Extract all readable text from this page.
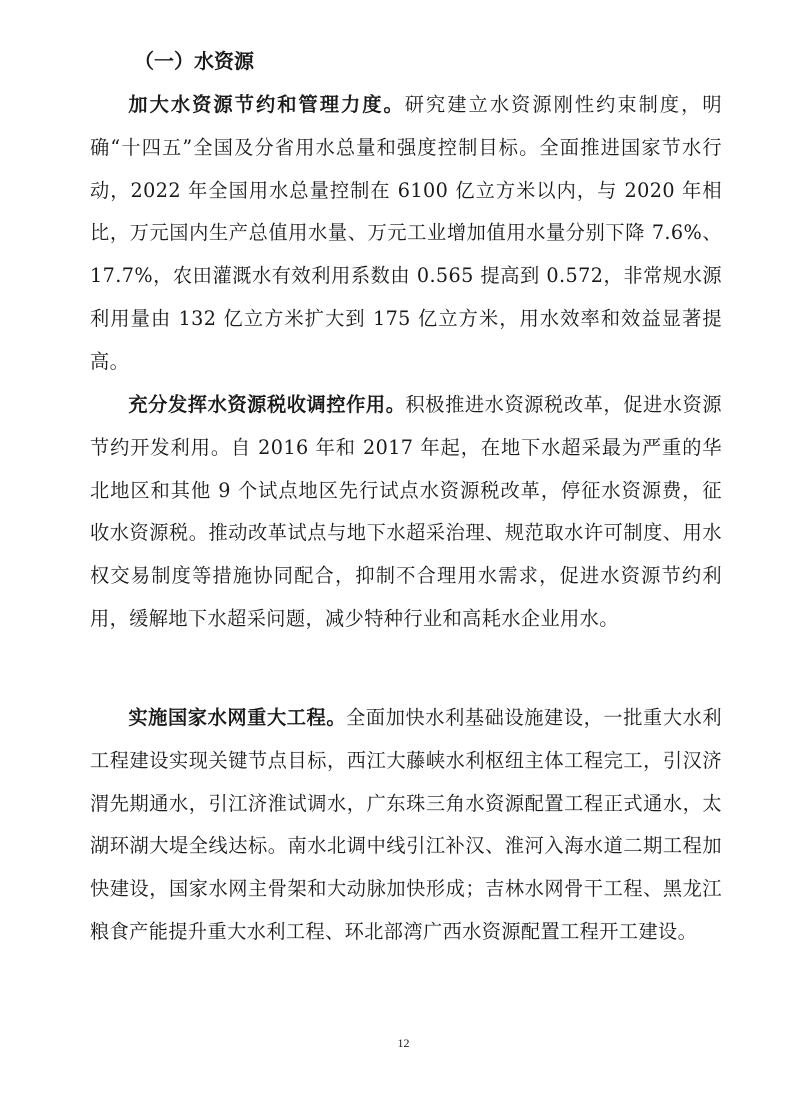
（一）水资源

加大水资源节约和管理力度。研究建立水资源刚性约束制度，明确“十四五”全国及分省用水总量和强度控制目标。全面推进国家节水行动，2022 年全国用水总量控制在 6100 亿立方米以内，与 2020 年相比，万元国内生产总值用水量、万元工业增加值用水量分别下降 7.6%、17.7%，农田灌溉水有效利用系数由 0.565 提高到 0.572，非常规水源利用量由 132 亿立方米扩大到 175 亿立方米，用水效率和效益显著提高。

充分发挥水资源税收调控作用。积极推进水资源税改革，促进水资源节约开发利用。自 2016 年和 2017 年起，在地下水超采最为严重的华北地区和其他 9 个试点地区先行试点水资源税改革，停征水资源费，征收水资源税。推动改革试点与地下水超采治理、规范取水许可制度、用水权交易制度等措施协同配合，抑制不合理用水需求，促进水资源节约利用，缓解地下水超采问题，减少特种行业和高耗水企业用水。

实施国家水网重大工程。全面加快水利基础设施建设，一批重大水利工程建设实现关键节点目标，西江大藤峡水利枢纽主体工程完工，引汉济渭先期通水，引江济淮试调水，广东珠三角水资源配置工程正式通水，太湖环湖大堤全线达标。南水北调中线引江补汉、淮河入海水道二期工程加快建设，国家水网主骨架和大动脉加快形成；吉林水网骨干工程、黑龙江粮食产能提升重大水利工程、环北部湾广西水资源配置工程开工建设。

12
